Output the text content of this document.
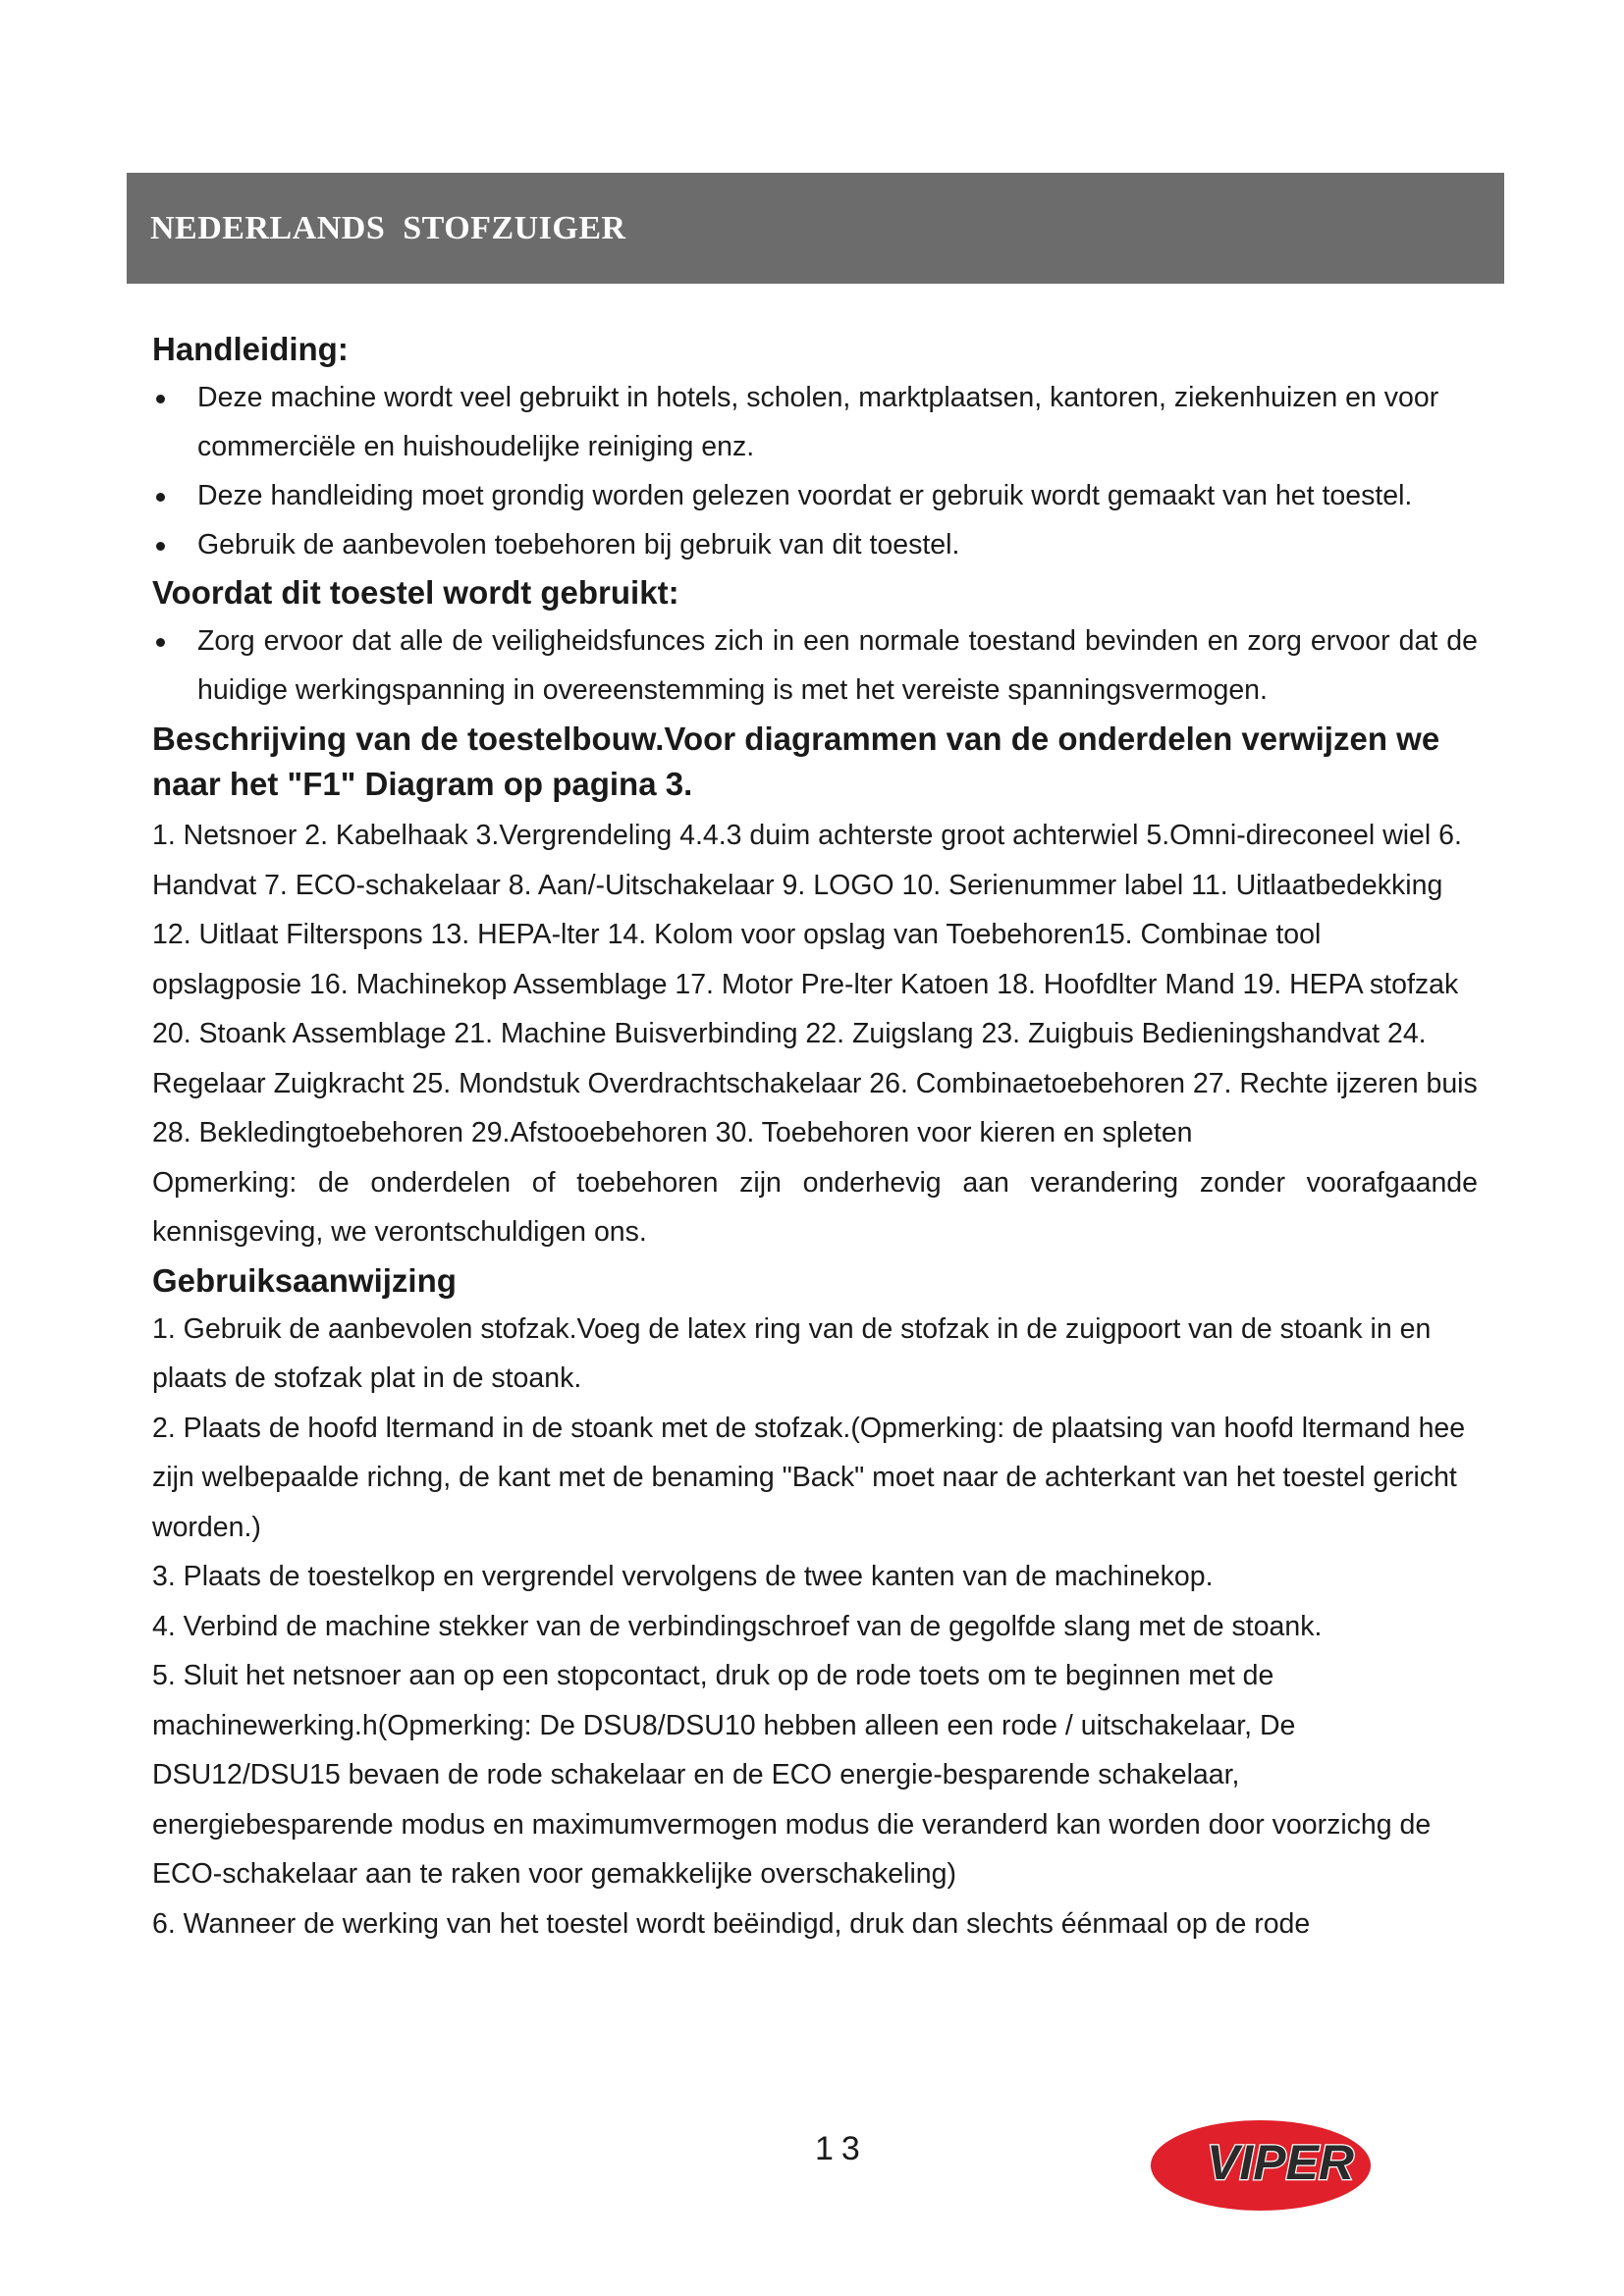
NEDERLANDS  STOFZUIGER
Handleiding:
Deze machine wordt veel gebruikt in hotels, scholen, marktplaatsen, kantoren, ziekenhuizen en voor commerciële en huishoudelijke reiniging enz.
Deze handleiding moet grondig worden gelezen voordat er gebruik wordt gemaakt van het toestel.
Gebruik de aanbevolen toebehoren bij gebruik van dit toestel.
Voordat dit toestel wordt gebruikt:
Zorg ervoor dat alle de veiligheidsfunces zich in een normale toestand bevinden en zorg ervoor dat de huidige werkingspanning in overeenstemming is met het vereiste spanningsvermogen.
Beschrijving van de toestelbouw.Voor diagrammen van de onderdelen verwijzen we naar het "F1" Diagram op pagina 3.

1. Netsnoer 2. Kabelhaak 3.Vergrendeling 4.4.3 duim achterste groot achterwiel 5.Omni-direconeel wiel 6. Handvat 7. ECO-schakelaar 8. Aan/-Uitschakelaar 9. LOGO 10. Serienummer label 11. Uitlaatbedekking 12. Uitlaat Filterspons 13. HEPA-lter 14. Kolom voor opslag van Toebehoren15. Combinae tool opslagposie 16. Machinekop Assemblage 17. Motor Pre-lter Katoen 18. Hoofdlter Mand 19. HEPA stofzak 20. Stoank Assemblage 21. Machine Buisverbinding 22. Zuigslang 23. Zuigbuis Bedieningshandvat 24. Regelaar Zuigkracht 25. Mondstuk Overdrachtschakelaar 26. Combinaetoebehoren 27. Rechte ijzeren buis 28. Bekledingtoebehoren 29.Afstooebehoren 30. Toebehoren voor kieren en spleten

Opmerking: de onderdelen of toebehoren zijn onderhevig aan verandering zonder voorafgaande kennisgeving, we verontschuldigen ons.

Gebruiksaanwijzing

1. Gebruik de aanbevolen stofzak.Voeg de latex ring van de stofzak in de zuigpoort van de stoank in en plaats de stofzak plat in de stoank.

2. Plaats de hoofd ltermand in de stoank met de stofzak.(Opmerking: de plaatsing van hoofd ltermand hee zijn welbepaalde richng, de kant met de benaming "Back" moet naar de achterkant van het toestel gericht worden.)

3. Plaats de toestelkop en vergrendel vervolgens de twee kanten van de machinekop.

4. Verbind de machine stekker van de verbindingschroef van de gegolfde slang met de stoank.

5. Sluit het netsnoer aan op een stopcontact, druk op de rode toets om te beginnen met de machinewerking.h(Opmerking: De DSU8/DSU10 hebben alleen een rode / uitschakelaar, De DSU12/DSU15 bevaen de rode schakelaar en de ECO energie-besparende schakelaar, energiebesparende modus en maximumvermogen modus die veranderd kan worden door voorzichg de ECO-schakelaar aan te raken voor gemakkelijke overschakeling)

6. Wanneer de werking van het toestel wordt beëindigd, druk dan slechts éénmaal op de rode

13	VIPER
